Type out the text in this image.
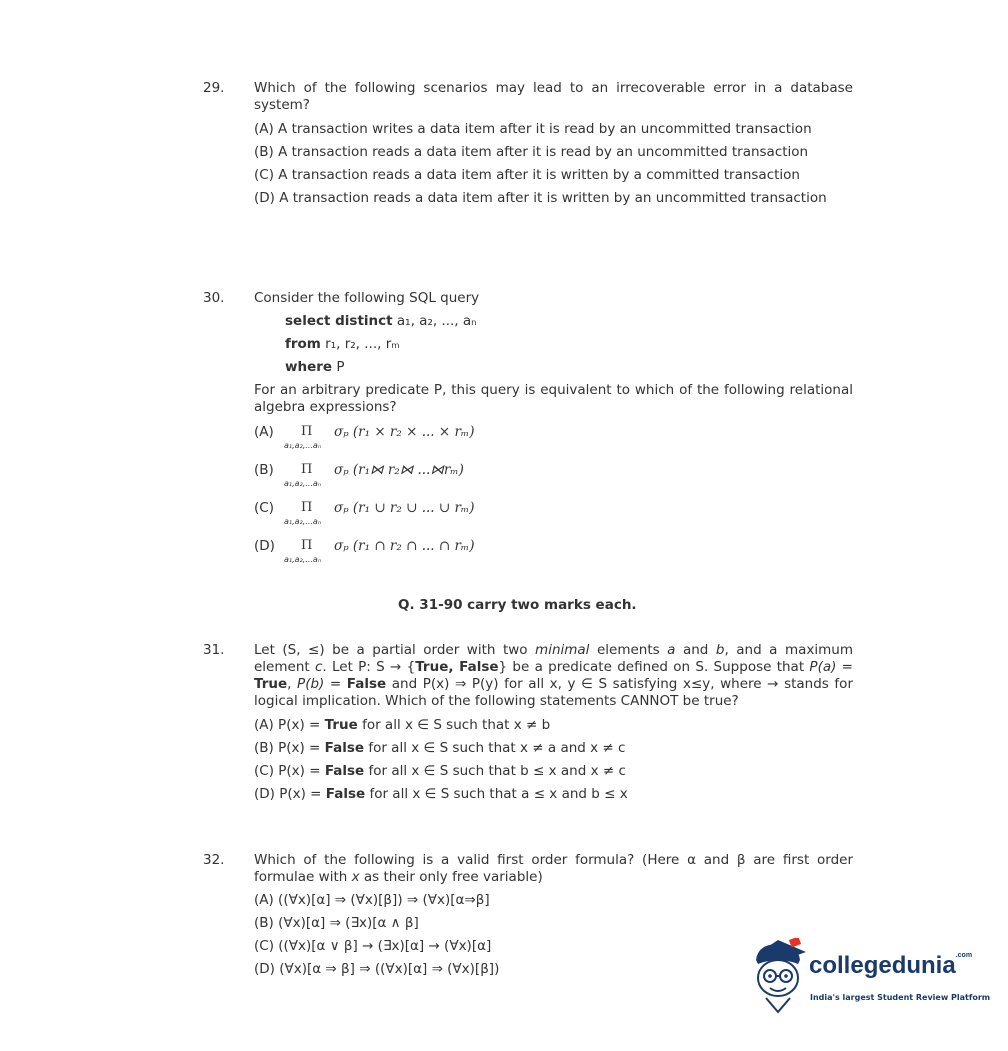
29. Which of the following scenarios may lead to an irrecoverable error in a database system?
(A) A transaction writes a data item after it is read by an uncommitted transaction
(B) A transaction reads a data item after it is read by an uncommitted transaction
(C) A transaction reads a data item after it is written by a committed transaction
(D) A transaction reads a data item after it is written by an uncommitted transaction
30. Consider the following SQL query
select distinct a₁, a₂, ..., aₙ
from r₁, r₂, ..., rₘ
where P
For an arbitrary predicate P, this query is equivalent to which of the following relational algebra expressions?
(A) Π
a₁,a₂,...aₙ
σₚ (r₁ × r₂ × ... × rₘ)
(B) Π
a₁,a₂,...aₙ
σₚ (r₁⋈ r₂⋈ ...⋈rₘ)
(C) Π
a₁,a₂,...aₙ
σₚ (r₁ ∪ r₂ ∪ ... ∪ rₘ)
(D) Π
a₁,a₂,...aₙ
σₚ (r₁ ∩ r₂ ∩ ... ∩ rₘ)
Q. 31-90 carry two marks each.
31. Let (S, ≤) be a partial order with two minimal elements a and b, and a maximum element c. Let P: S → {True, False} be a predicate defined on S. Suppose that P(a) = True, P(b) = False and P(x) ⇒ P(y) for all x, y ∈ S satisfying x≤y, where → stands for logical implication. Which of the following statements CANNOT be true?
(A) P(x) = True for all x ∈ S such that x ≠ b
(B) P(x) = False for all x ∈ S such that x ≠ a and x ≠ c
(C) P(x) = False for all x ∈ S such that b ≤ x and x ≠ c
(D) P(x) = False for all x ∈ S such that a ≤ x and b ≤ x
32. Which of the following is a valid first order formula? (Here α and β are first order formulae with x as their only free variable)
(A) ((∀x)[α] ⇒ (∀x)[β]) ⇒ (∀x)[α⇒β]
(B) (∀x)[α] ⇒ (∃x)[α ∧ β]
(C) ((∀x)[α ∨ β] → (∃x)[α] → (∀x)[α]
(D) (∀x)[α ⇒ β] ⇒ ((∀x)[α] ⇒ (∀x)[β])	collegedunia$^{.com}$
India's largest Student Review Platform
